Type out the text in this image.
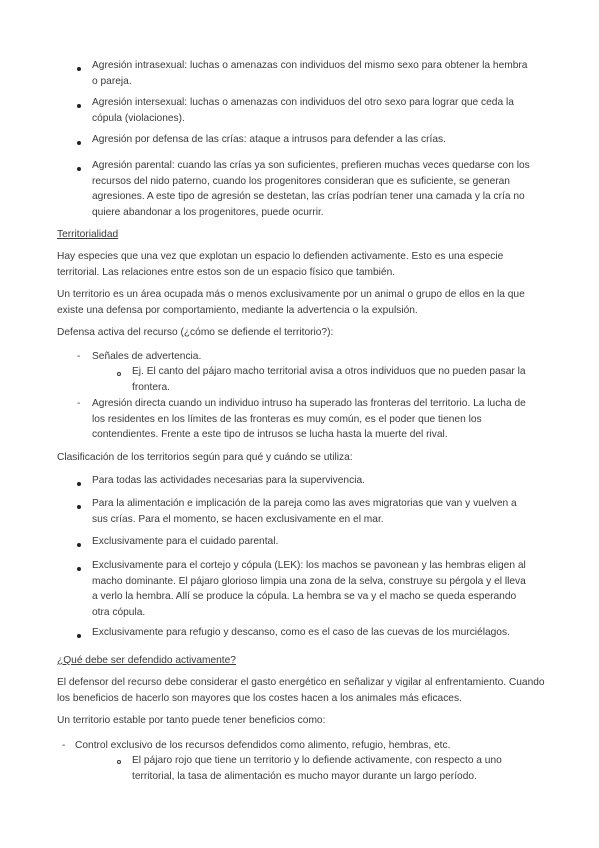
Agresión intrasexual: luchas o amenazas con individuos del mismo sexo para obtener la hembra o pareja.

Agresión intersexual: luchas o amenazas con individuos del otro sexo para lograr que ceda la cópula (violaciones).

Agresión por defensa de las crías: ataque a intrusos para defender a las crías.

Agresión parental: cuando las crías ya son suficientes, prefieren muchas veces quedarse con los recursos del nido paterno, cuando los progenitores consideran que es suficiente, se generan agresiones. A este tipo de agresión se destetan, las crías podrían tener una camada y la cría no quiere abandonar a los progenitores, puede ocurrir.

Territorialidad

Hay especies que una vez que explotan un espacio lo defienden activamente. Esto es una especie territorial. Las relaciones entre estos son de un espacio físico que también.

Un territorio es un área ocupada más o menos exclusivamente por un animal o grupo de ellos en la que existe una defensa por comportamiento, mediante la advertencia o la expulsión.

Defensa activa del recurso (¿cómo se defiende el territorio?):

- Señales de advertencia.

Ej. El canto del pájaro macho territorial avisa a otros individuos que no pueden pasar la frontera.

- Agresión directa cuando un individuo intruso ha superado las fronteras del territorio. La lucha de los residentes en los límites de las fronteras es muy común, es el poder que tienen los contendientes. Frente a este tipo de intrusos se lucha hasta la muerte del rival.

Clasificación de los territorios según para qué y cuándo se utiliza:

Para todas las actividades necesarias para la supervivencia.

Para la alimentación e implicación de la pareja como las aves migratorias que van y vuelven a sus crías. Para el momento, se hacen exclusivamente en el mar.

Exclusivamente para el cuidado parental.

Exclusivamente para el cortejo y cópula (LEK): los machos se pavonean y las hembras eligen al macho dominante. El pájaro glorioso limpia una zona de la selva, construye su pérgola y el lleva a verlo la hembra. Allí se produce la cópula. La hembra se va y el macho se queda esperando otra cópula.

Exclusivamente para refugio y descanso, como es el caso de las cuevas de los murciélagos.

¿Qué debe ser defendido activamente?

El defensor del recurso debe considerar el gasto energético en señalizar y vigilar al enfrentamiento. Cuando los beneficios de hacerlo son mayores que los costes hacen a los animales más eficaces.

Un territorio estable por tanto puede tener beneficios como:

- Control exclusivo de los recursos defendidos como alimento, refugio, hembras, etc.

El pájaro rojo que tiene un territorio y lo defiende activamente, con respecto a uno territorial, la tasa de alimentación es mucho mayor durante un largo período.
